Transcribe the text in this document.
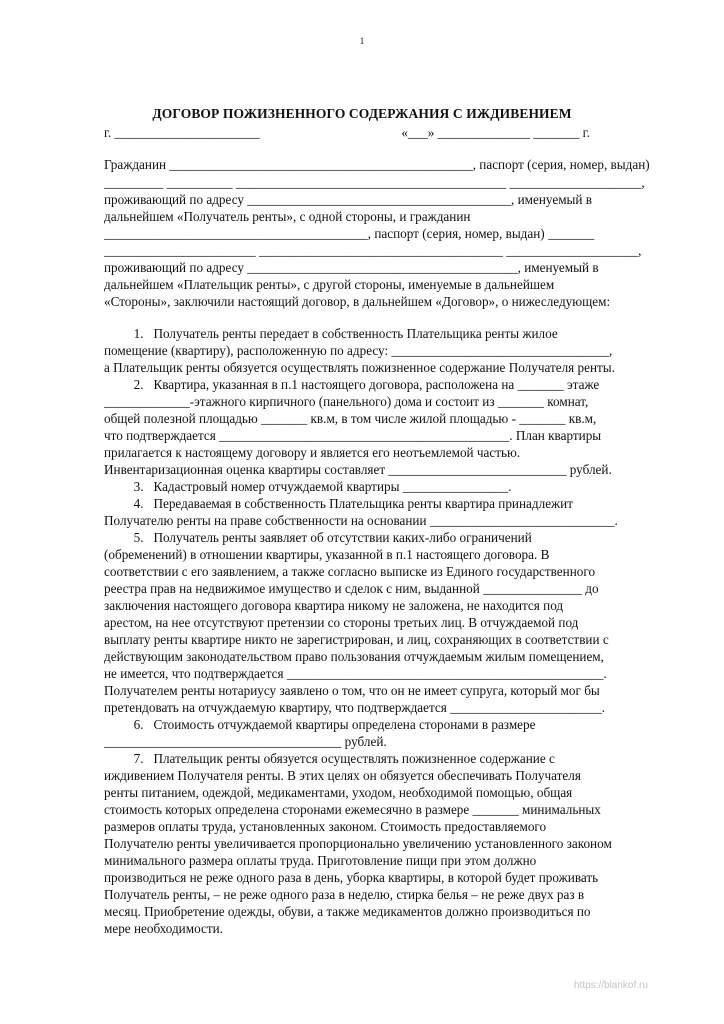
1
ДОГОВОР ПОЖИЗНЕННОГО СОДЕРЖАНИЯ С ИЖДИВЕНИЕМ
г. ______________________                                           «___» ______________ _______ г.
Гражданин ______________________________________________, паспорт (серия, номер, выдан)
_________ __________ _________________________________________ ____________________,
проживающий по адресу ________________________________________, именуемый в
дальнейшем «Получатель ренты», с одной стороны, и гражданин
________________________________________, паспорт (серия, номер, выдан) _______
_______________________ _____________________________________ ____________________,
проживающий по адресу _________________________________________, именуемый в
дальнейшем «Плательщик ренты», с другой стороны, именуемые в дальнейшем
«Стороны», заключили настоящий договор, в дальнейшем «Договор», о нижеследующем:
1.   Получатель ренты передает в собственность Плательщика ренты жилое
помещение (квартиру), расположенную по адресу: _________________________________,
а Плательщик ренты обязуется осуществлять пожизненное содержание Получателя ренты.
2.   Квартира, указанная в п.1 настоящего договора, расположена на _______ этаже
_____________-этажного кирпичного (панельного) дома и состоит из _______ комнат,
общей полезной площадью _______ кв.м, в том числе жилой площадью - _______ кв.м,
что подтверждается ____________________________________________. План квартиры
прилагается к настоящему договору и является его неотъемлемой частью.
Инвентаризационная оценка квартиры составляет ___________________________ рублей.
3.   Кадастровый номер отчуждаемой квартиры ________________.
4.   Передаваемая в собственность Плательщика ренты квартира принадлежит
Получателю ренты на праве собственности на основании ____________________________.
5.   Получатель ренты заявляет об отсутствии каких-либо ограничений
(обременений) в отношении квартиры, указанной в п.1 настоящего договора. В
соответствии с его заявлением, а также согласно выписке из Единого государственного
реестра прав на недвижимое имущество и сделок с ним, выданной _______________ до
заключения настоящего договора квартира никому не заложена, не находится под
арестом, на нее отсутствуют претензии со стороны третьих лиц. В отчуждаемой под
выплату ренты квартире никто не зарегистрирован, и лиц, сохраняющих в соответствии с
действующим законодательством право пользования отчуждаемым жилым помещением,
не имеется, что подтверждается ________________________________________________.
Получателем ренты нотариусу заявлено о том, что он не имеет супруга, который мог бы
претендовать на отчуждаемую квартиру, что подтверждается _______________________.
6.   Стоимость отчуждаемой квартиры определена сторонами в размере
____________________________________ рублей.
7.   Плательщик ренты обязуется осуществлять пожизненное содержание с
иждивением Получателя ренты. В этих целях он обязуется обеспечивать Получателя
ренты питанием, одеждой, медикаментами, уходом, необходимой помощью, общая
стоимость которых определена сторонами ежемесячно в размере _______ минимальных
размеров оплаты труда, установленных законом. Стоимость предоставляемого
Получателю ренты увеличивается пропорционально увеличению установленного законом
минимального размера оплаты труда. Приготовление пищи при этом должно
производиться не реже одного раза в день, уборка квартиры, в которой будет проживать
Получатель ренты, – не реже одного раза в неделю, стирка белья – не реже двух раз в
месяц. Приобретение одежды, обуви, а также медикаментов должно производиться по
мере необходимости.
https://blankof.ru
